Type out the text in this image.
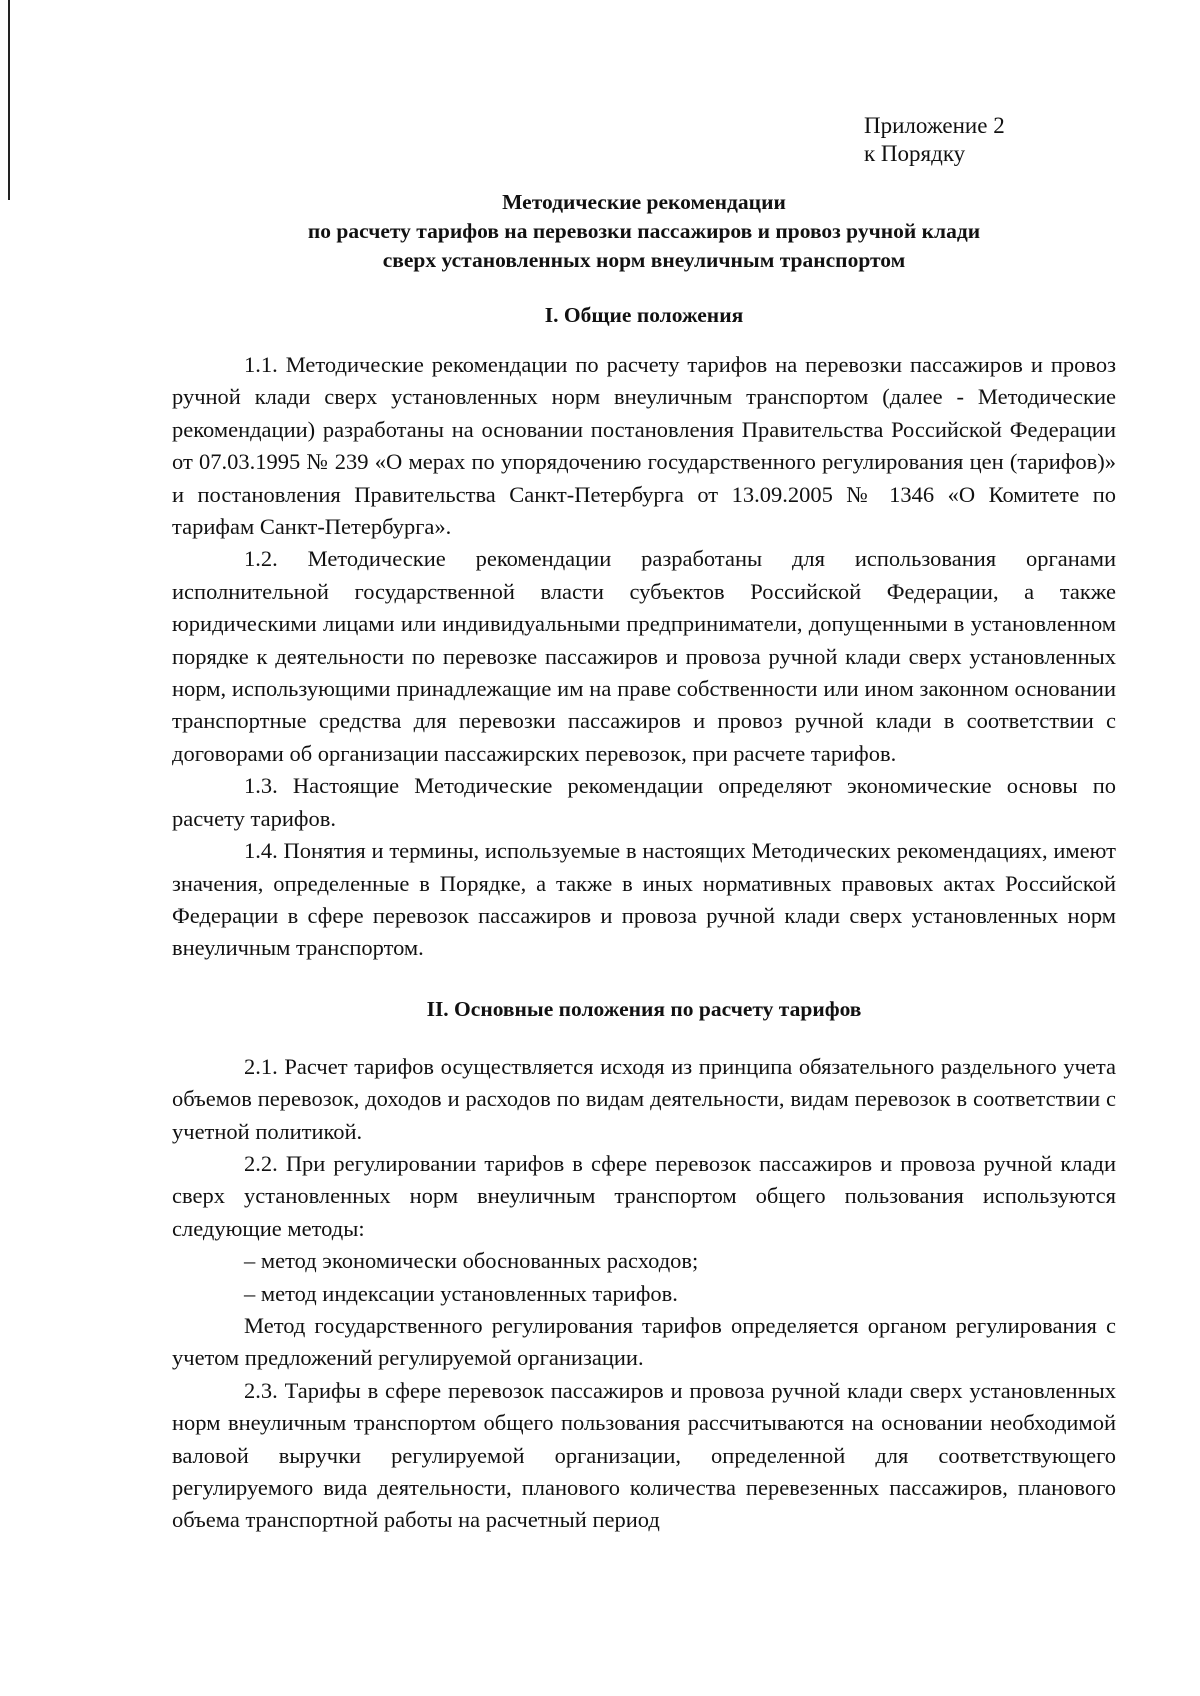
Приложение 2
к Порядку
Методические рекомендации
по расчету тарифов на перевозки пассажиров и провоз ручной клади
сверх установленных норм внеуличным транспортом
I. Общие положения

1.1. Методические рекомендации по расчету тарифов на перевозки пассажиров и провоз ручной клади сверх установленных норм внеуличным транспортом (далее - Методические рекомендации) разработаны на основании постановления Правительства Российской Федерации от 07.03.1995 № 239 «О мерах по упорядочению государственного регулирования цен (тарифов)» и постановления Правительства Санкт-Петербурга от 13.09.2005 № 1346 «О Комитете по тарифам Санкт-Петербурга».

1.2. Методические рекомендации разработаны для использования органами исполнительной государственной власти субъектов Российской Федерации, а также юридическими лицами или индивидуальными предприниматели, допущенными в установленном порядке к деятельности по перевозке пассажиров и провоза ручной клади сверх установленных норм, использующими принадлежащие им на праве собственности или ином законном основании транспортные средства для перевозки пассажиров и провоз ручной клади в соответствии с договорами об организации пассажирских перевозок, при расчете тарифов.

1.3. Настоящие Методические рекомендации определяют экономические основы по расчету тарифов.

1.4. Понятия и термины, используемые в настоящих Методических рекомендациях, имеют значения, определенные в Порядке, а также в иных нормативных правовых актах Российской Федерации в сфере перевозок пассажиров и провоза ручной клади сверх установленных норм внеуличным транспортом.

II. Основные положения по расчету тарифов

2.1. Расчет тарифов осуществляется исходя из принципа обязательного раздельного учета объемов перевозок, доходов и расходов по видам деятельности, видам перевозок в соответствии с учетной политикой.

2.2. При регулировании тарифов в сфере перевозок пассажиров и провоза ручной клади сверх установленных норм внеуличным транспортом общего пользования используются следующие методы:

– метод экономически обоснованных расходов;

– метод индексации установленных тарифов.

Метод государственного регулирования тарифов определяется органом регулирования с учетом предложений регулируемой организации.

2.3. Тарифы в сфере перевозок пассажиров и провоза ручной клади сверх установленных норм внеуличным транспортом общего пользования рассчитываются на основании необходимой валовой выручки регулируемой организации, определенной для соответствующего регулируемого вида деятельности, планового количества перевезенных пассажиров, планового объема транспортной работы на расчетный период
